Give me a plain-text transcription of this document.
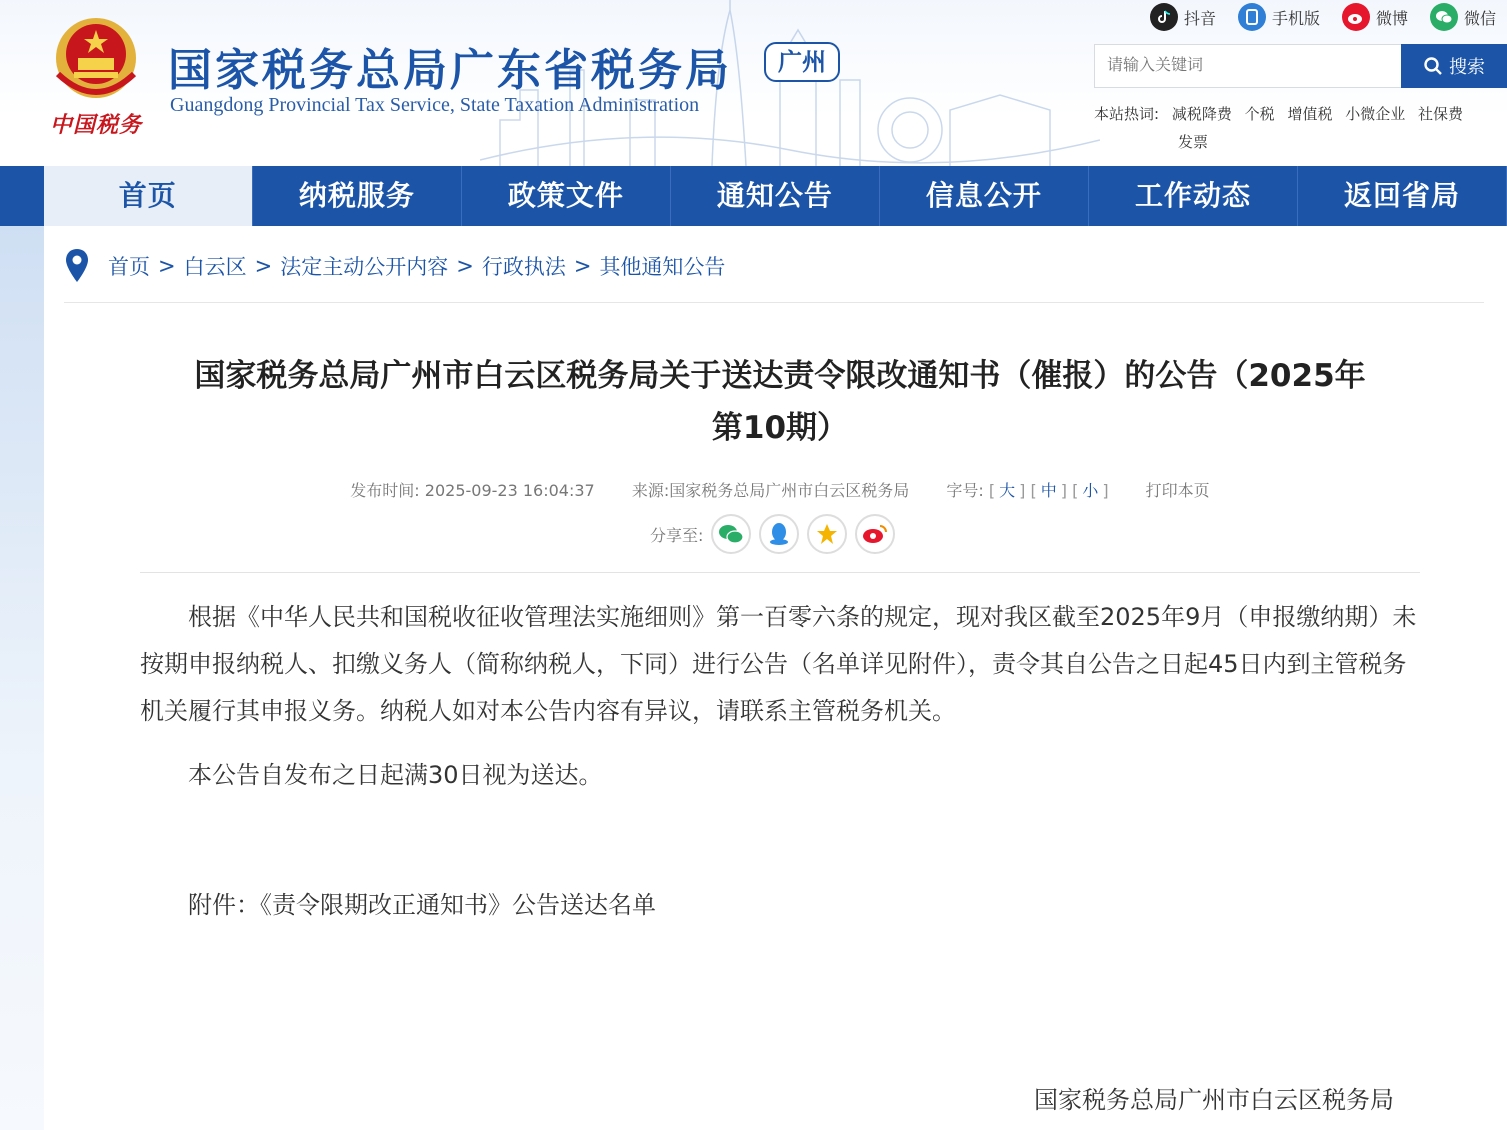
中国税务
国家税务总局广东省税务局	广州
Guangdong Provincial Tax Service, State Taxation Administration
抖音	手机版	微博	微信
请输入关键词
搜索
本站热词: 减税降费 个税 增值税 小微企业 社保费
发票
首页	纳税服务	政策文件	通知公告	信息公开	工作动态	返回省局
首页 > 白云区 > 法定主动公开内容 > 行政执法 > 其他通知公告
国家税务总局广州市白云区税务局关于送达责令限改通知书（催报）的公告（2025年
第10期）
发布时间: 2025-09-23 16:04:37 来源:国家税务总局广州市白云区税务局 字号: [ 大 ] [ 中 ] [ 小 ] 打印本页
分享至:

根据《中华人民共和国税收征收管理法实施细则》第一百零六条的规定，现对我区截至2025年9月（申报缴纳期）未按期申报纳税人、扣缴义务人（简称纳税人，下同）进行公告（名单详见附件），责令其自公告之日起45日内到主管税务机关履行其申报义务。纳税人如对本公告内容有异议，请联系主管税务机关。

本公告自发布之日起满30日视为送达。

附件：《责令限期改正通知书》公告送达名单

国家税务总局广州市白云区税务局
